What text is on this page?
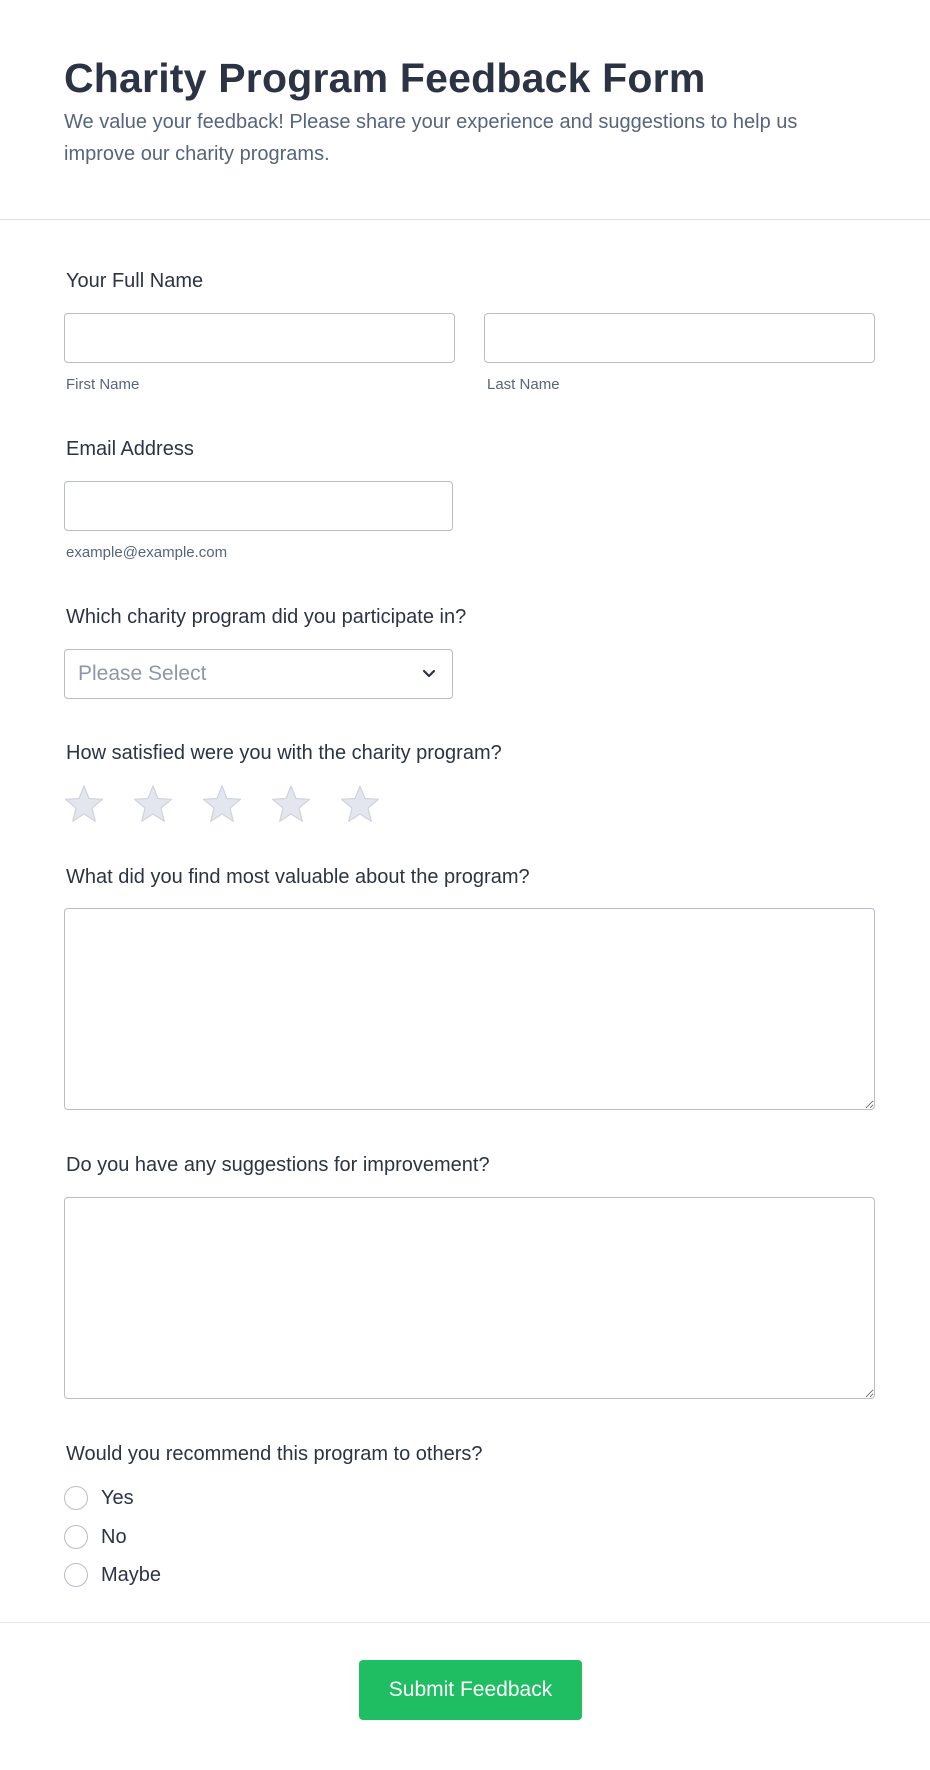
Charity Program Feedback Form

We value your feedback! Please share your experience and suggestions to help us improve our charity programs.

Your Full Name
First Name	Last Name
Email Address
example@example.com
Which charity program did you participate in?
Please Select
How satisfied were you with the charity program?
What did you find most valuable about the program?
Do you have any suggestions for improvement?
Would you recommend this program to others?
Yes
No
Maybe
Submit Feedback
